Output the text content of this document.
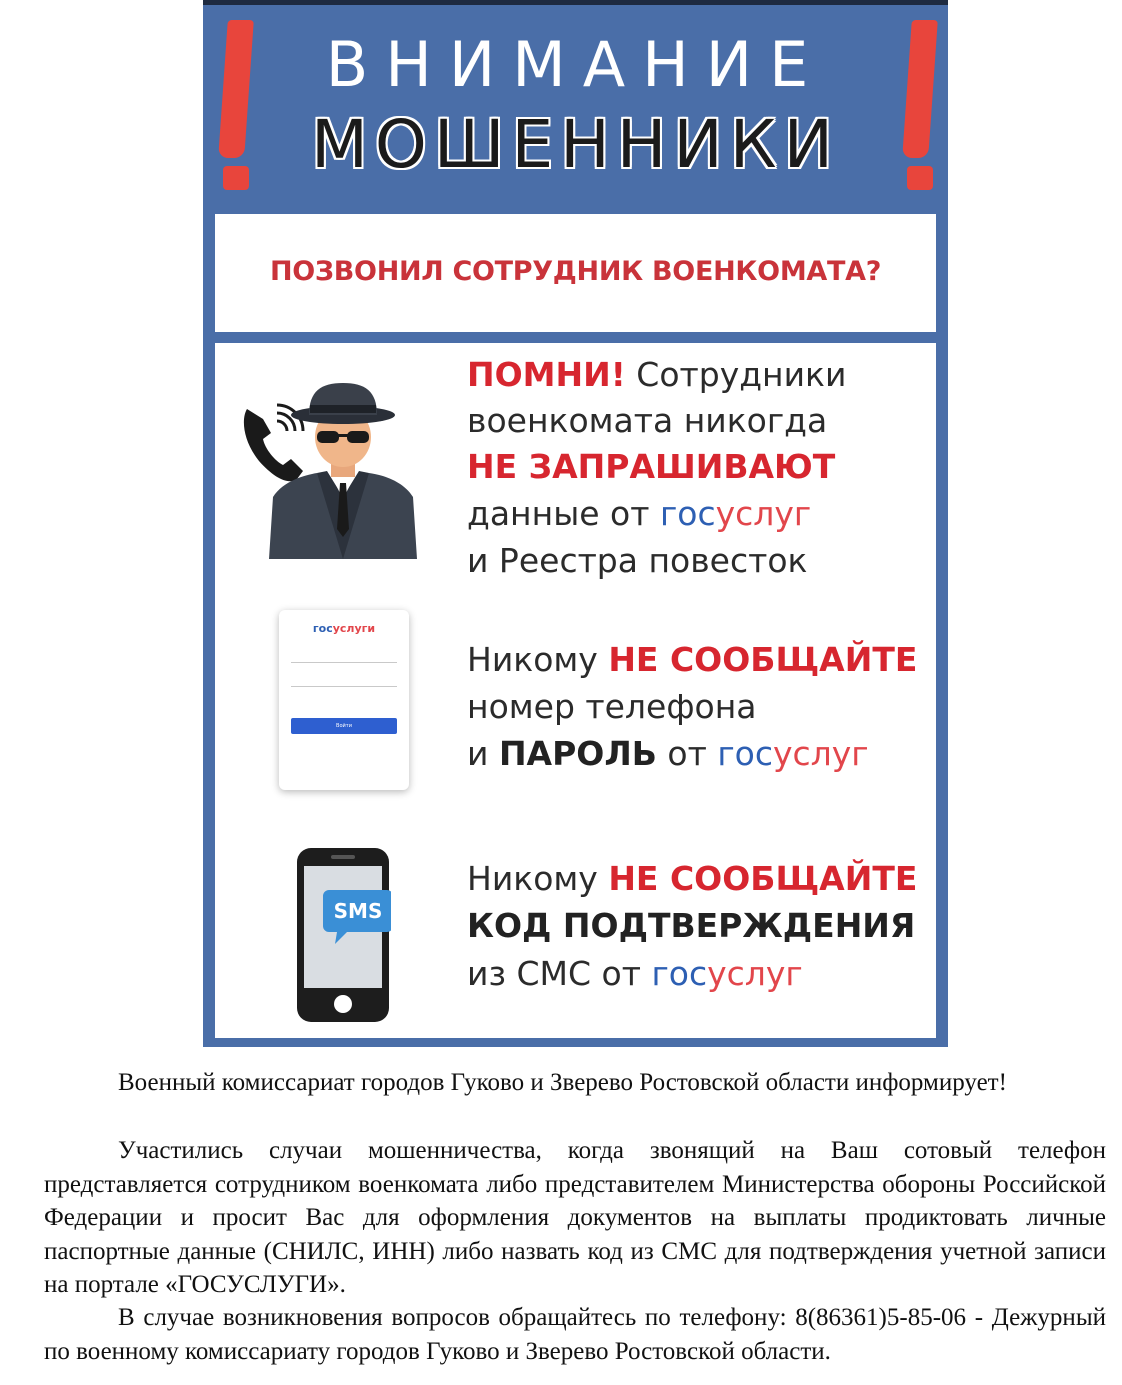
ВНИМАНИЕ
МОШЕННИКИ
ПОЗВОНИЛ СОТРУДНИК ВОЕНКОМАТА?
ПОМНИ! Сотрудники
военкомата никогда
НЕ ЗАПРАШИВАЮТ
данные от госуслуг
и Реестра повесток
госуслуги
Войти
Никому НЕ СООБЩАЙТЕ
номер телефона
и ПАРОЛЬ от госуслуг
SMS
Никому НЕ СООБЩАЙТЕ
КОД ПОДТВЕРЖДЕНИЯ
из СМС от госуслуг
Военный комиссариат городов Гуково и Зверево Ростовской области информирует!
Участились случаи мошенничества, когда звонящий на Ваш сотовый телефон представляется сотрудником военкомата либо представителем Министерства обороны Российской Федерации и просит Вас для оформления документов на выплаты продиктовать личные паспортные данные (СНИЛС, ИНН) либо назвать код из СМС для подтверждения учетной записи на портале «ГОСУСЛУГИ».
В случае возникновения вопросов обращайтесь по телефону: 8(86361)5-85-06 - Дежурный по военному комиссариату городов Гуково и Зверево Ростовской области.
